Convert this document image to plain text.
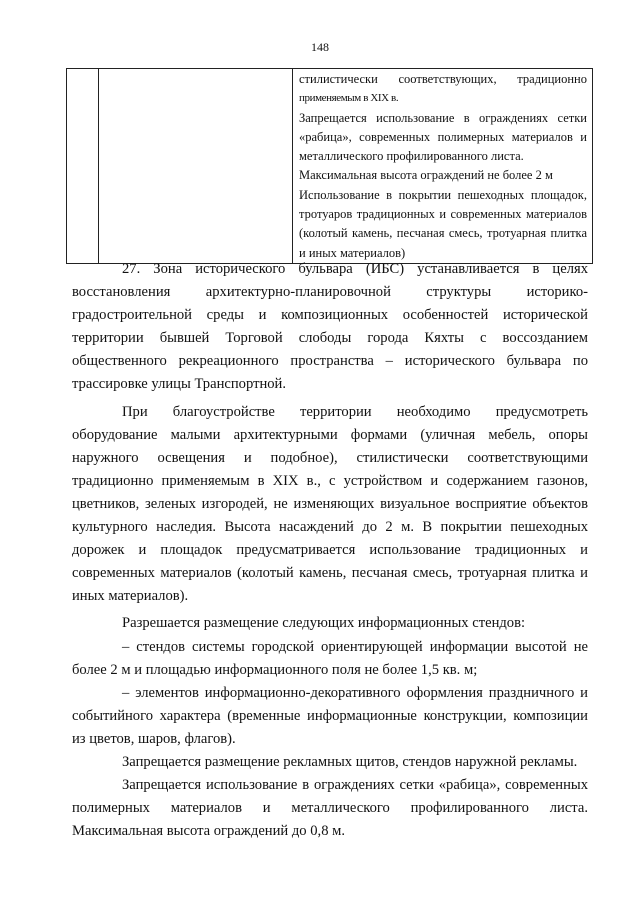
148

стилистически соответствующих, традиционно

применяемым в XIX в.

Запрещается использование в ограждениях сетки «рабица», современных полимерных материалов и металлического профилированного листа.

Максимальная высота ограждений не более 2 м

Использование в покрытии пешеходных площадок, тротуаров традиционных и современных материалов (колотый камень, песчаная смесь, тротуарная плитка и иных материалов)

27. Зона исторического бульвара (ИБС) устанавливается в целях восстановления архитектурно-планировочной структуры историко-градостроительной среды и композиционных особенностей исторической территории бывшей Торговой слободы города Кяхты с воссозданием общественного рекреационного пространства – исторического бульвара по трассировке улицы Транспортной.

При благоустройстве территории необходимо предусмотреть оборудование малыми архитектурными формами (уличная мебель, опоры наружного освещения и подобное), стилистически соответствующими традиционно применяемым в XIX в., с устройством и содержанием газонов, цветников, зеленых изгородей, не изменяющих визуальное восприятие объектов культурного наследия. Высота насаждений до 2 м. В покрытии пешеходных дорожек и площадок предусматривается использование традиционных и современных материалов (колотый камень, песчаная смесь, тротуарная плитка и иных материалов).

Разрешается размещение следующих информационных стендов:

– стендов системы городской ориентирующей информации высотой не более 2 м и площадью информационного поля не более 1,5 кв. м;

– элементов информационно-декоративного оформления праздничного и событийного характера (временные информационные конструкции, композиции из цветов, шаров, флагов).

Запрещается размещение рекламных щитов, стендов наружной рекламы.

Запрещается использование в ограждениях сетки «рабица», современных полимерных материалов и металлического профилированного листа. Максимальная высота ограждений до 0,8 м.
